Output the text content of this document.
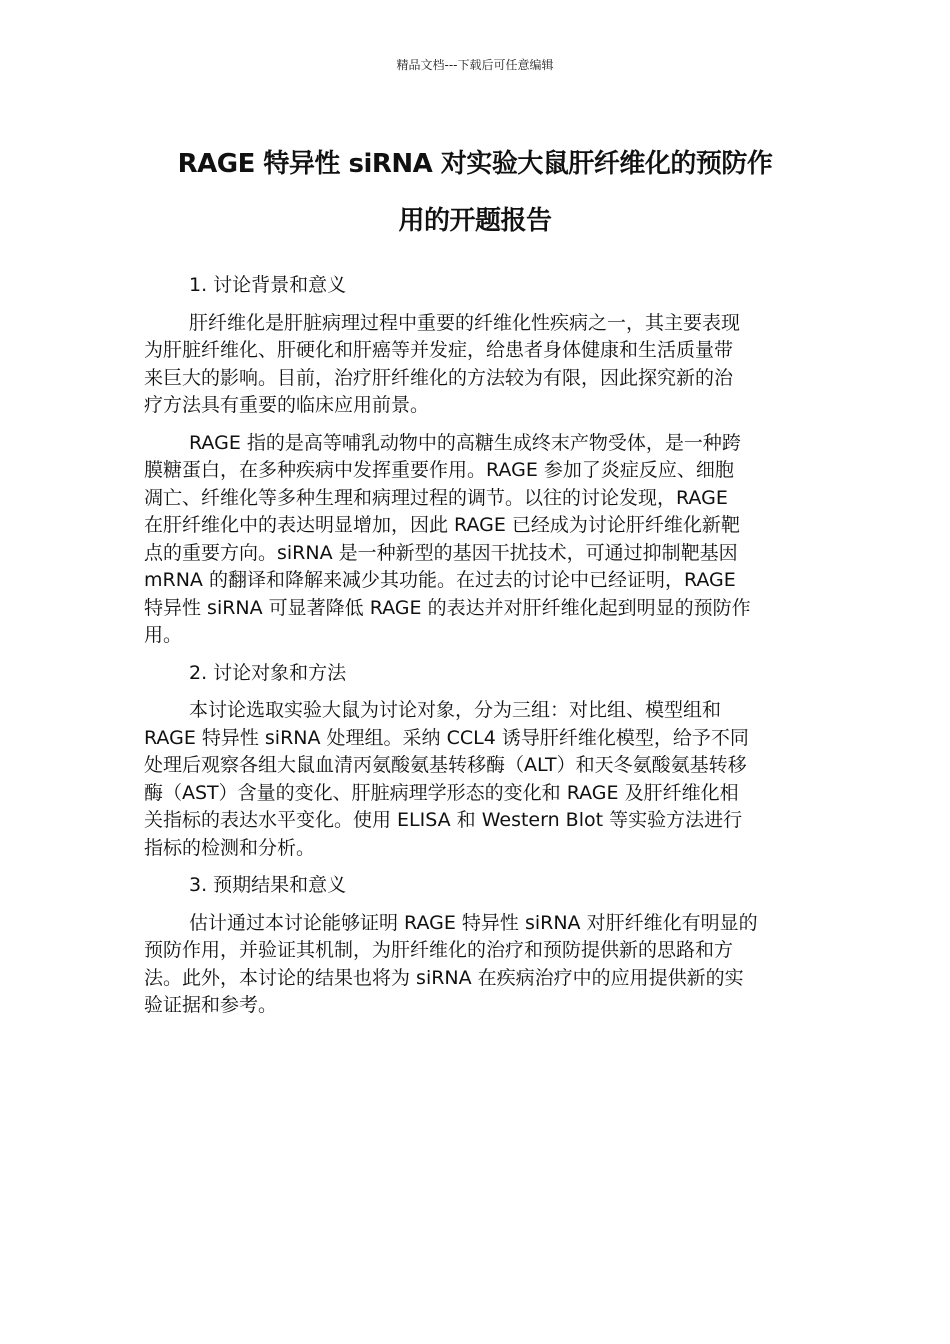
精品文档---下载后可任意编辑
RAGE 特异性 siRNA 对实验大鼠肝纤维化的预防作
用的开题报告
1. 讨论背景和意义
肝纤维化是肝脏病理过程中重要的纤维化性疾病之一，其主要表现
为肝脏纤维化、肝硬化和肝癌等并发症，给患者身体健康和生活质量带
来巨大的影响。目前，治疗肝纤维化的方法较为有限，因此探究新的治
疗方法具有重要的临床应用前景。
RAGE 指的是高等哺乳动物中的高糖生成终末产物受体，是一种跨
膜糖蛋白，在多种疾病中发挥重要作用。RAGE 参加了炎症反应、细胞
凋亡、纤维化等多种生理和病理过程的调节。以往的讨论发现，RAGE
在肝纤维化中的表达明显增加，因此 RAGE 已经成为讨论肝纤维化新靶
点的重要方向。siRNA 是一种新型的基因干扰技术，可通过抑制靶基因
mRNA 的翻译和降解来减少其功能。在过去的讨论中已经证明，RAGE
特异性 siRNA 可显著降低 RAGE 的表达并对肝纤维化起到明显的预防作
用。
2. 讨论对象和方法
本讨论选取实验大鼠为讨论对象，分为三组：对比组、模型组和
RAGE 特异性 siRNA 处理组。采纳 CCL4 诱导肝纤维化模型，给予不同
处理后观察各组大鼠血清丙氨酸氨基转移酶（ALT）和天冬氨酸氨基转移
酶（AST）含量的变化、肝脏病理学形态的变化和 RAGE 及肝纤维化相
关指标的表达水平变化。使用 ELISA 和 Western Blot 等实验方法进行
指标的检测和分析。
3. 预期结果和意义
估计通过本讨论能够证明 RAGE 特异性 siRNA 对肝纤维化有明显的
预防作用，并验证其机制，为肝纤维化的治疗和预防提供新的思路和方
法。此外，本讨论的结果也将为 siRNA 在疾病治疗中的应用提供新的实
验证据和参考。
